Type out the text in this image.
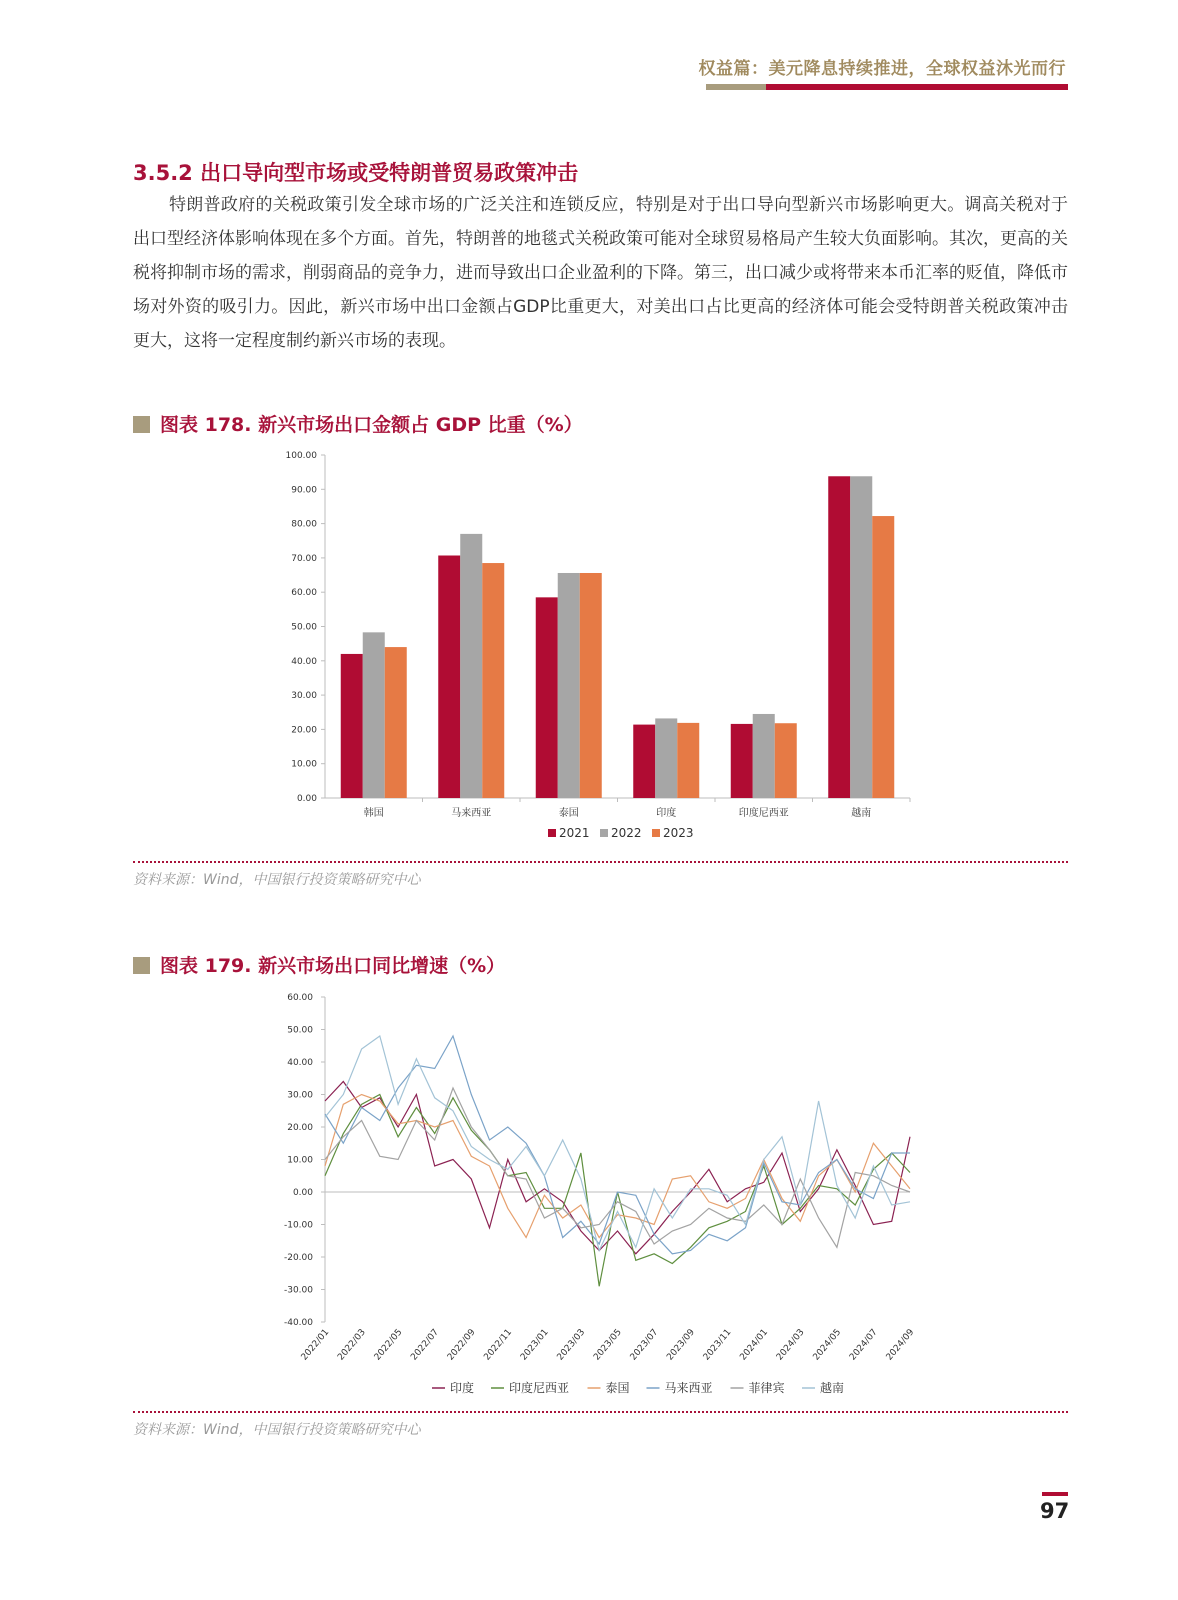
权益篇：美元降息持续推进，全球权益沐光而行
3.5.2 出口导向型市场或受特朗普贸易政策冲击
特朗普政府的关税政策引发全球市场的广泛关注和连锁反应，特别是对于出口导向型新兴市场影响更大。调高关税对于出口型经济体影响体现在多个方面。首先，特朗普的地毯式关税政策可能对全球贸易格局产生较大负面影响。其次，更高的关税将抑制市场的需求，削弱商品的竞争力，进而导致出口企业盈利的下降。第三，出口减少或将带来本币汇率的贬值，降低市场对外资的吸引力。因此，新兴市场中出口金额占GDP比重更大，对美出口占比更高的经济体可能会受特朗普关税政策冲击更大，这将一定程度制约新兴市场的表现。
图表 178. 新兴市场出口金额占 GDP 比重（%）
0.00
10.00
20.00
30.00
40.00
50.00
60.00
70.00
80.00
90.00
100.00
韩国	马来西亚	泰国	印度	印度尼西亚	越南
2021 2022 2023
资料来源：Wind，中国银行投资策略研究中心
图表 179. 新兴市场出口同比增速（%）
-40.00
-30.00
-20.00
-10.00
0.00
10.00
20.00
30.00
40.00
50.00
60.00
2022/01 2022/03 2022/05 2022/07 2022/09 2022/11 2023/01 2023/03 2023/05 2023/07 2023/09 2023/11 2024/01 2024/03 2024/05 2024/07 2024/09
印度	印度尼西亚	泰国	马来西亚	菲律宾	越南
资料来源：Wind，中国银行投资策略研究中心
97
